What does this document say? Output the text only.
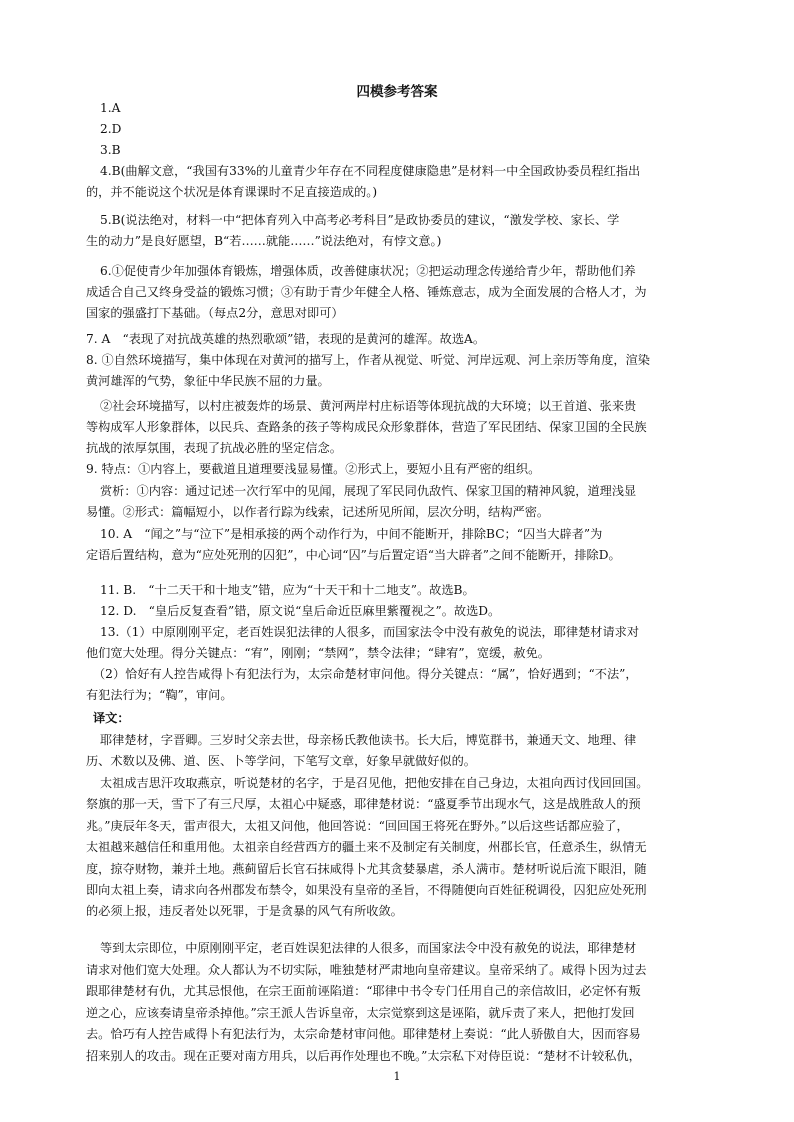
四模参考答案
1.A
2.D
3.B
4.B(曲解文意，“我国有33%的儿童青少年存在不同程度健康隐患”是材料一中全国政协委员程红指出
的，并不能说这个状况是体育课课时不足直接造成的。)
5.B(说法绝对，材料一中“把体育列入中高考必考科目”是政协委员的建议，“激发学校、家长、学
生的动力”是良好愿望，B“若……就能……”说法绝对，有悖文意。)
6.①促使青少年加强体育锻炼，增强体质，改善健康状况；②把运动理念传递给青少年，帮助他们养
成适合自己又终身受益的锻炼习惯；③有助于青少年健全人格、锤炼意志，成为全面发展的合格人才，为
国家的强盛打下基础。（每点2分，意思对即可）
7. A　“表现了对抗战英雄的热烈歌颂”错，表现的是黄河的雄浑。故选A。
8. ①自然环境描写，集中体现在对黄河的描写上，作者从视觉、听觉、河岸远观、河上亲历等角度，渲染
黄河雄浑的气势，象征中华民族不屈的力量。
②社会环境描写，以村庄被轰炸的场景、黄河两岸村庄标语等体现抗战的大环境；以王首道、张来贵
等构成军人形象群体，以民兵、查路条的孩子等构成民众形象群体，营造了军民团结、保家卫国的全民族
抗战的浓厚氛围，表现了抗战必胜的坚定信念。
9. 特点：①内容上，要截道且道理要浅显易懂。②形式上，要短小且有严密的组织。
赏析：①内容：通过记述一次行军中的见闻，展现了军民同仇敌忾、保家卫国的精神风貌，道理浅显
易懂。②形式：篇幅短小，以作者行踪为线索，记述所见所闻，层次分明，结构严密。
10. A　“闻之”与“泣下”是相承接的两个动作行为，中间不能断开，排除BC；“囚当大辟者”为
定语后置结构，意为“应处死刑的囚犯”，中心词“囚”与后置定语“当大辟者”之间不能断开，排除D。
11. B.　“十二天干和十地支”错，应为“十天干和十二地支”。故选B。
12. D.　“皇后反复查看”错，原文说“皇后命近臣麻里紫覆视之”。故选D。
13.（1）中原刚刚平定，老百姓误犯法律的人很多，而国家法令中没有赦免的说法，耶律楚材请求对
他们宽大处理。得分关键点：“宥”，刚刚；“禁网”，禁令法律；“肆宥”，宽缓，赦免。
（2）恰好有人控告咸得卜有犯法行为，太宗命楚材审问他。得分关键点：“属”，恰好遇到；“不法”，
有犯法行为；“鞫”，审问。
译文：
耶律楚材，字晋卿。三岁时父亲去世，母亲杨氏教他读书。长大后，博览群书，兼通天文、地理、律
历、术数以及佛、道、医、卜等学问，下笔写文章，好象早就做好似的。
太祖成吉思汗攻取燕京，听说楚材的名字，于是召见他，把他安排在自己身边，太祖向西讨伐回回国。
祭旗的那一天，雪下了有三尺厚，太祖心中疑惑，耶律楚材说：“盛夏季节出现水气，这是战胜敌人的预
兆。”庚辰年冬天，雷声很大，太祖又问他，他回答说：“回回国王将死在野外。”以后这些话都应验了，
太祖越来越信任和重用他。太祖亲自经营西方的疆土来不及制定有关制度，州郡长官，任意杀生，纵情无
度，掠夺财物，兼并土地。燕蓟留后长官石抹咸得卜尤其贪婪暴虐，杀人满市。楚材听说后流下眼泪，随
即向太祖上奏，请求向各州郡发布禁令，如果没有皇帝的圣旨，不得随便向百姓征税调役，囚犯应处死刑
的必须上报，违反者处以死罪，于是贪暴的风气有所收敛。
等到太宗即位，中原刚刚平定，老百姓误犯法律的人很多，而国家法令中没有赦免的说法，耶律楚材
请求对他们宽大处理。众人都认为不切实际，唯独楚材严肃地向皇帝建议。皇帝采纳了。咸得卜因为过去
跟耶律楚材有仇，尤其忌恨他，在宗王面前诬陷道：“耶律中书令专门任用自己的亲信故旧，必定怀有叛
逆之心，应该奏请皇帝杀掉他。”宗王派人告诉皇帝，太宗觉察到这是诬陷，就斥责了来人，把他打发回
去。恰巧有人控告咸得卜有犯法行为，太宗命楚材审问他。耶律楚材上奏说：“此人骄傲自大，因而容易
招来别人的攻击。现在正要对南方用兵，以后再作处理也不晚。”太宗私下对侍臣说：“楚材不计较私仇，
1
